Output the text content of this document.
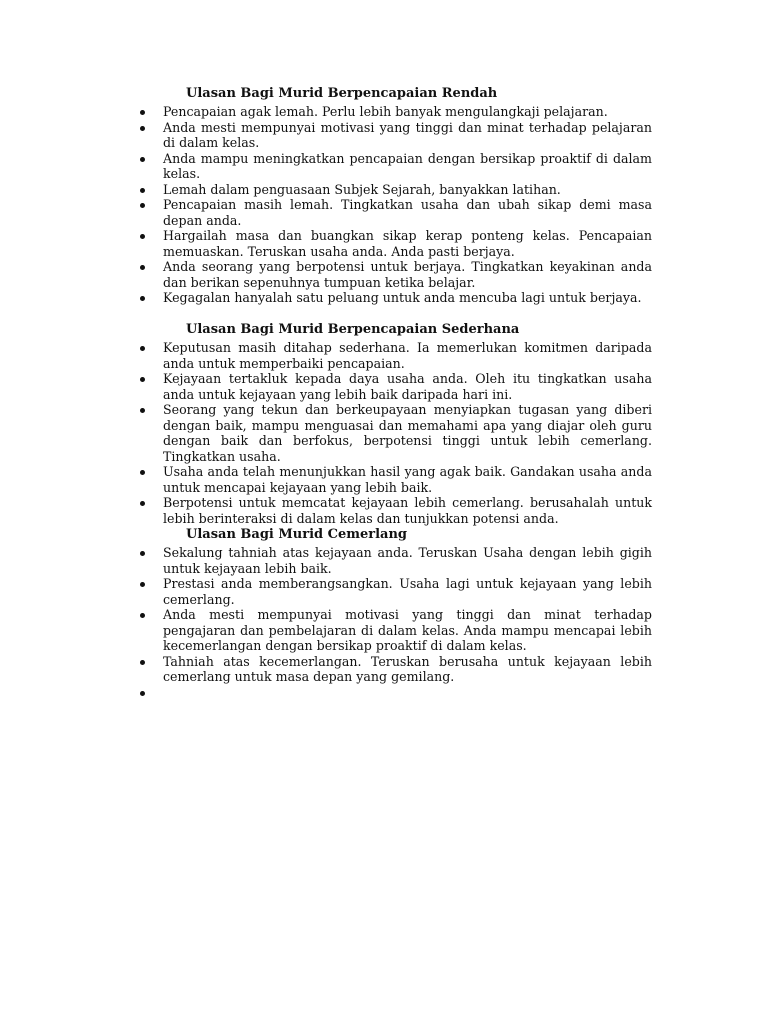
Ulasan Bagi Murid Berpencapaian Rendah
Pencapaian agak lemah. Perlu lebih banyak mengulangkaji pelajaran.
Anda mesti mempunyai motivasi yang tinggi dan minat terhadap pelajaran di dalam kelas.
Anda mampu meningkatkan pencapaian dengan bersikap proaktif di dalam kelas.
Lemah dalam penguasaan Subjek Sejarah, banyakkan latihan.
Pencapaian masih lemah. Tingkatkan usaha dan ubah sikap demi masa depan anda.
Hargailah masa dan buangkan sikap kerap ponteng kelas. Pencapaian memuaskan. Teruskan usaha anda. Anda pasti berjaya.
Anda seorang yang berpotensi untuk berjaya. Tingkatkan keyakinan anda dan berikan sepenuhnya tumpuan ketika belajar.
Kegagalan hanyalah satu peluang untuk anda mencuba lagi untuk berjaya.
Ulasan Bagi Murid Berpencapaian Sederhana
Keputusan masih ditahap sederhana. Ia memerlukan komitmen daripada anda untuk memperbaiki pencapaian.
Kejayaan tertakluk kepada daya usaha anda. Oleh itu tingkatkan usaha anda untuk kejayaan yang lebih baik daripada hari ini.
Seorang yang tekun dan berkeupayaan menyiapkan tugasan yang diberi dengan baik, mampu menguasai dan memahami apa yang diajar oleh guru dengan baik dan berfokus, berpotensi tinggi untuk lebih cemerlang. Tingkatkan usaha.
Usaha anda telah menunjukkan hasil yang agak baik. Gandakan usaha anda untuk mencapai kejayaan yang lebih baik.
Berpotensi untuk memcatat kejayaan lebih cemerlang. berusahalah untuk lebih berinteraksi di dalam kelas dan tunjukkan potensi anda.
Ulasan Bagi Murid Cemerlang
Sekalung tahniah atas kejayaan anda. Teruskan Usaha dengan lebih gigih untuk kejayaan lebih baik.
Prestasi anda memberangsangkan. Usaha lagi untuk kejayaan yang lebih cemerlang.
Anda mesti mempunyai motivasi yang tinggi dan minat terhadap pengajaran dan pembelajaran di dalam kelas. Anda mampu mencapai lebih kecemerlangan dengan bersikap proaktif di dalam kelas.
Tahniah atas kecemerlangan. Teruskan berusaha untuk kejayaan lebih cemerlang untuk masa depan yang gemilang.
